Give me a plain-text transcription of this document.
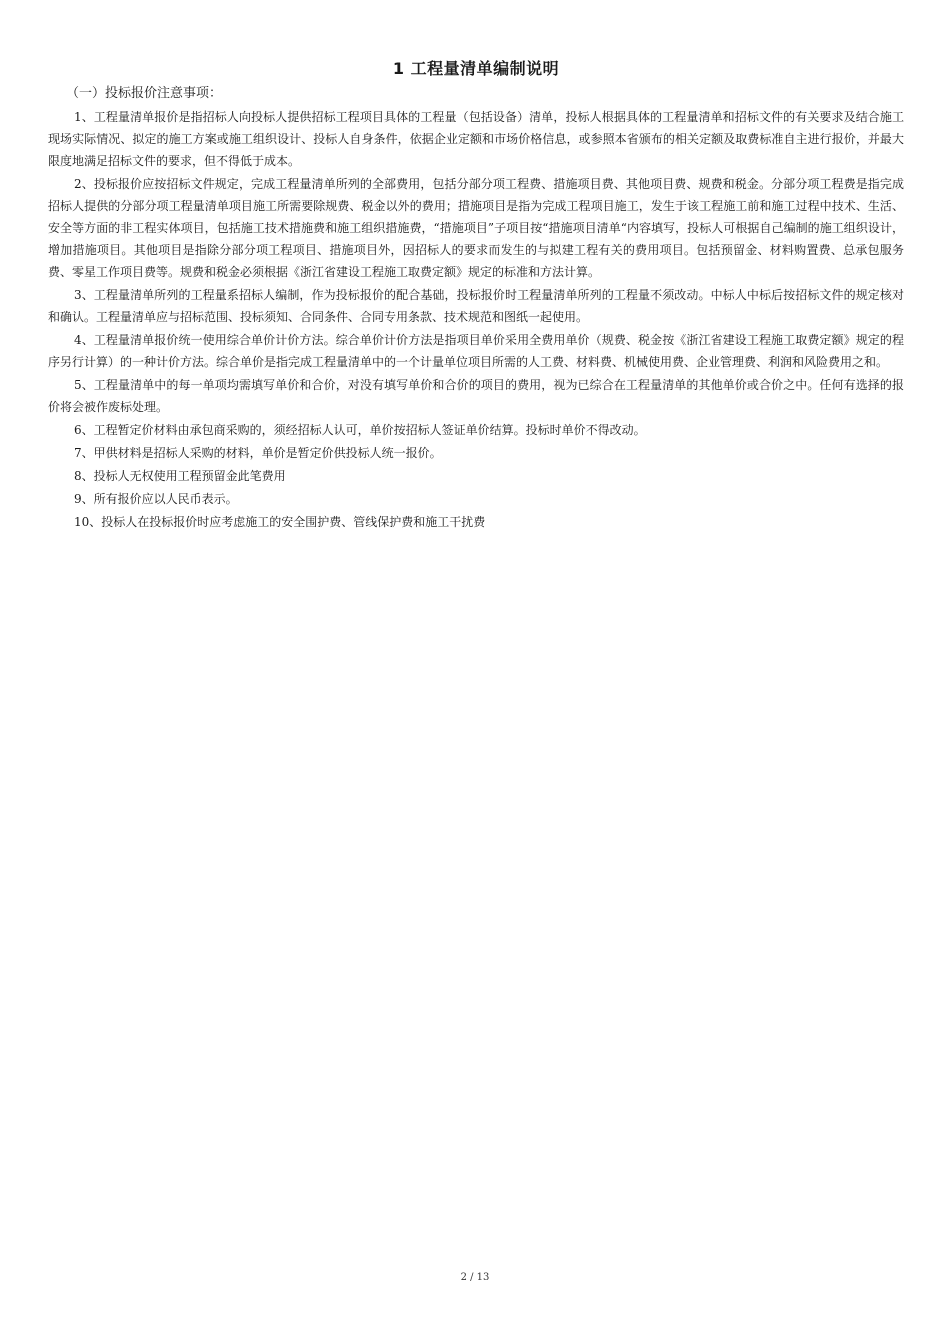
1 工程量清单编制说明
（一）投标报价注意事项：

1、工程量清单报价是指招标人向投标人提供招标工程项目具体的工程量（包括设备）清单，投标人根据具体的工程量清单和招标文件的有关要求及结合施工现场实际情况、拟定的施工方案或施工组织设计、投标人自身条件，依据企业定额和市场价格信息，或参照本省颁布的相关定额及取费标准自主进行报价，并最大限度地满足招标文件的要求，但不得低于成本。

2、投标报价应按招标文件规定，完成工程量清单所列的全部费用，包括分部分项工程费、措施项目费、其他项目费、规费和税金。分部分项工程费是指完成招标人提供的分部分项工程量清单项目施工所需要除规费、税金以外的费用；措施项目是指为完成工程项目施工，发生于该工程施工前和施工过程中技术、生活、安全等方面的非工程实体项目，包括施工技术措施费和施工组织措施费，“措施项目”子项目按“措施项目清单“内容填写，投标人可根据自己编制的施工组织设计，增加措施项目。其他项目是指除分部分项工程项目、措施项目外，因招标人的要求而发生的与拟建工程有关的费用项目。包括预留金、材料购置费、总承包服务费、零星工作项目费等。规费和税金必须根据《浙江省建设工程施工取费定额》规定的标准和方法计算。

3、工程量清单所列的工程量系招标人编制，作为投标报价的配合基础，投标报价时工程量清单所列的工程量不须改动。中标人中标后按招标文件的规定核对和确认。工程量清单应与招标范围、投标须知、合同条件、合同专用条款、技术规范和图纸一起使用。

4、工程量清单报价统一使用综合单价计价方法。综合单价计价方法是指项目单价采用全费用单价（规费、税金按《浙江省建设工程施工取费定额》规定的程序另行计算）的一种计价方法。综合单价是指完成工程量清单中的一个计量单位项目所需的人工费、材料费、机械使用费、企业管理费、利润和风险费用之和。

5、工程量清单中的每一单项均需填写单价和合价，对没有填写单价和合价的项目的费用，视为已综合在工程量清单的其他单价或合价之中。任何有选择的报价将会被作废标处理。

6、工程暂定价材料由承包商采购的，须经招标人认可，单价按招标人签证单价结算。投标时单价不得改动。

7、甲供材料是招标人采购的材料，单价是暂定价供投标人统一报价。

8、投标人无权使用工程预留金此笔费用

9、所有报价应以人民币表示。

10、投标人在投标报价时应考虑施工的安全围护费、管线保护费和施工干扰费

2 / 13
